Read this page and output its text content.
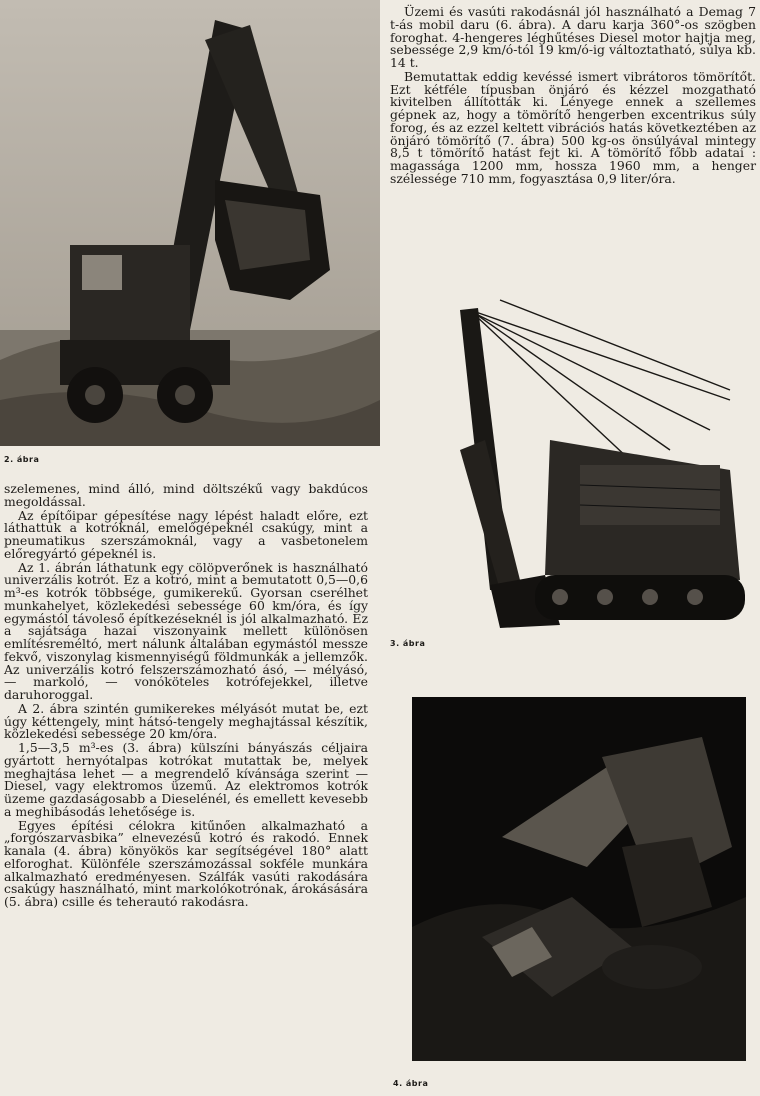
2. ábra

Üzemi és vasúti rakodásnál jól használható a Demag 7 t-ás mobil daru (6. ábra). A daru karja 360°-os szögben foroghat. 4-hengeres léghűtéses Diesel motor hajtja meg, sebessége 2,9 km/ó-tól 19 km/ó-ig változtatható, súlya kb. 14 t.

Bemutattak eddig kevéssé ismert vibrátoros tömörítőt. Ezt kétféle típusban önjáró és kézzel mozgatható kivitelben állították ki. Lényege ennek a szellemes gépnek az, hogy a tömörítő hengerben excentrikus súly forog, és az ezzel keltett vibrációs hatás következtében az önjáró tömörítő (7. ábra) 500 kg-os önsúlyával mintegy 8,5 t tömörítő hatást fejt ki. A tömörítő főbb adatai : magassága 1200 mm, hossza 1960 mm, a henger szélessége 710 mm, fogyasztása 0,9 liter/óra.

3. ábra

szelemenes, mind álló, mind döltszékű vagy bakdúcos megoldással.

Az építőipar gépesítése nagy lépést haladt előre, ezt láthattuk a kotróknál, emelőgépeknél csakúgy, mint a pneumatikus szerszámoknál, vagy a vasbetonelem előregyártó gépeknél is.

Az 1. ábrán láthatunk egy cölöpverőnek is használható univerzális kotrót. Ez a kotró, mint a bemutatott 0,5—0,6 m³-es kotrók többsége, gumikerekű. Gyorsan cserélhet munkahelyet, közlekedési sebessége 60 km/óra, és így egymástól távoleső építkezéseknél is jól alkalmazható. Ez a sajátsága hazai viszonyaink mellett különösen említésreméltó, mert nálunk általában egymástól messze fekvő, viszonylag kismennyiségű földmunkák a jellemzők. Az univerzális kotró felszerszámozható ásó, — mélyásó, — markoló, — vonóköteles kotrófejekkel, illetve daruhoroggal.

A 2. ábra szintén gumikerekes mélyásót mutat be, ezt úgy kéttengely, mint hátsó-tengely meghajtással készítik, közlekedési sebessége 20 km/óra.

1,5—3,5 m³-es (3. ábra) külszíni bányászás céljaira gyártott hernyótalpas kotrókat mutattak be, melyek meghajtása lehet — a megrendelő kívánsága szerint — Diesel, vagy elektromos üzemű. Az elektromos kotrók üzeme gazdaságosabb a Dieselénél, és emellett kevesebb a meghibásodás lehetősége is.

Egyes építési célokra kitűnően alkalmazható a „forgószarvasbika” elnevezésű kotró és rakodó. Ennek kanala (4. ábra) könyökös kar segítségével 180° alatt elforoghat. Különféle szerszámozással sokféle munkára alkalmazható eredményesen. Szálfák vasúti rakodására csakúgy használható, mint markolókotrónak, árokásására (5. ábra) csille és teherautó rakodásra.

4. ábra
